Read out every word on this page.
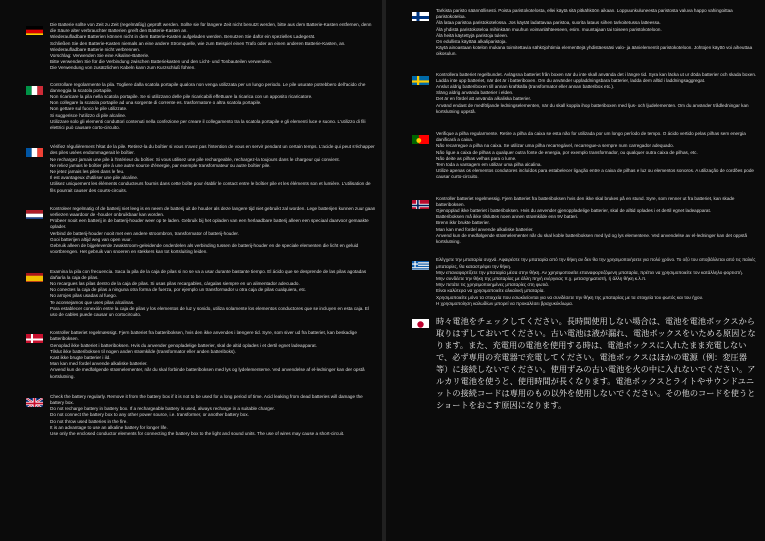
Die Batterie sollte von Zeit zu Zeit (regelmäßig) geprüft werden. Sollte sie für längere Zeit nicht benutzt werden, bitte aus dem Batterie-Kasten entfernen, denn die Säure alter verbrauchter Batterien greift den Batterie-Kasten an.
Wiederaufladbare Batterien können nicht in dem Batterie-Kasten aufgeladen werden. Benutzen Sie dafür ein spezielles Ladegerät.
Schließen Sie den Batterie-Kasten niemals an eine andere Stromquelle, wie zum Beispiel einen Trafo oder an einen anderen Batterie-Kasten, an.
Wiederaufladbare Batterie nicht verbrennen.
Vorschlag: Verwenden Sie eine Alkaline-Batterie.
Bitte verwenden Sie für die Verbindung zwischen Batteriekasten und den Licht- und Tonbauteilen verwenden.
Die Verwendung von zusätzlichen Kabeln kann zum Kurzschluß führen.
Controllare regolarmente la pila. Togliere dalla scatola portapile qualora non venga utilizzata per un lungo periodo. Le pile usurate potrebbero dell'acido che danneggia la scatola portapile.
Non ricaricare la pila nella scatola portapile. Se si utilizzano delle pile ricaricabili effettuare la ricarica con un apposito ricaricatore.
Non collegare la scatola portapile ad una sorgente di corrente es. trasformatore o altra scatola portapile.
Non gettare sul fuoco le pile utilizzate.
Si suggerisce l'utilizzo di pile alcaline.
Utilizzare solo gli elementi conduttori contenuti nella confezione per creare il collegamento tra la scatola portapile e gli elementi luce e suono. L'utilizzo di fili elettrici può causare corto-circuito.
Vérifiez régulièrement l'état de la pile. Retirez-la du boîtier si vous n'avez pas l'intention de vous en servir pendant un certain temps. L'acide qui peut s'échapper des piles usées endommagerait le boîtier.
Ne rechargez jamais une pile à l'intérieur du boîtier. Si vous utilisez une pile rechargeable, rechargez-la toujours dans le chargeur qui convient.
Ne reliez jamais le boîtier pile à une autre source d'énergie, par exemple transformateur ou autre boîtier pile.
Ne jetez jamais les piles dans le feu.
Il est avantageux d'utiliser une pile alcaline.
Utilisez uniquement les éléments conducteurs fournis dans cette boîte pour établir le contact entre le boîtier pile et les éléments son et lumière. L'utilisation de fils pourrait causer des courts-circuits.
Kontroleer regelmatig of de batterij niet leeg is en neem de batterij uit de houder als deze langere tijd niet gebruikt zal worden. Lege batterijen kunnen zuur gaan verliezen waardoor de -houder onbruikbaar kan worden.
Probeer nooit een batterij in de batterij-houder weer op te laden. Gebruik bij het opladen van een herlaadbare batterij alleen een speciaal daarvoor gemaakte oplader.
Verbind de batterij-houder nooit met een andere stroombron, transformator of batterij-houder.
Gooi batterijen altijd weg van open vuur.
Gebruik alleen de bijgeleverde zwakstroom-geleidende onderdelen als verbinding tussen de batterij-houder en de speciale elementen die licht en geluid voortbrengen. Het gebruik van snoeren en stekkers kan tot kortsluiting leiden.
Examina la pila con frecuencia. Saca la pila de la caja de pilas si no se va a usar durante bastante tiempo. El ácido que se desprende de las pilas agotadas dañaría la caja de pilas.
No recargues las pilas dentro de la caja de pilas. Si usas pilas recargables, cárgalas siempre en un alimentador adecuado.
No conectes la caja de pilas a ninguna otra forma de fuerza, por ejemplo un transformador u otra caja de pilas cualquiera, etc.
No arrojes pilas usadas al fuego.
Te aconsejamos que uses pilas alcalinas.
Para establecer conexión entre la caja de pilas y los elementos de luz y sonido, utiliza solamente los elementos conductores que se incluyen en esta caja. El uso de cables puede causar un cortocircuito.
Kontroller batteriet regelmæssigt. Fjern batteriet fra batteriboksen, hvis den ikke anvendes i længere tid. Syre, som siver ud fra batteriet, kan beskadige batteriboksen.
Genoplad ikke batteriet i batteriboksen. Hvis du anvender genopladelige batterier, skal de altid oplades i et dertil egnet ladeapparat.
Tilslut ikke batteriboksen til nogen anden strømkilde (transformator eller anden batteriboks).
Kast ikke brugte batterier i ild.
Man kan med fordel anvende alkaliske batterier.
Anvend kun de medfølgende strømelementer, når du skal forbinde batteriboksen med lys og lydelementerne. Ved anvendelse af el-ledninger kan der opstå kortslutning.
Check the battery regularly. Remove it from the battery box if it is not to be used for a long period of time. Acid leaking from dead batteries will damage the battery box.
Do not recharge battery in battery box. If a rechargeable battery is used, always recharge in a suitable charger.
Do not connect the battery box to any other power source, i.e. transformer, or another battery box.
Do not throw used batteries in the fire.
It is an advantage to use an alkaline battery for longer life.
Use only the enclosed conductor elements for connecting the battery box to the light and sound units. The use of wires may cause a short-circuit.
Tarkista paristo säännöllisesti. Poista paristokotelosta, ellei käytä sitä pitkähköön aikaan. Loppuunkuluneesta paristosta valuva happo vahingoittaa paristokoteloa.
Älä lataa paristoa paristokotelossa. Jos käytät ladattavaa paristoa, suorita lataus siihen tarkoitetussa latteessa.
Älä yhdistä paristokoteloa mihinkään muuhun voimanlähteeseen, esim. muuntajaan tai toiseen paristokoteloon.
Älä heitä käytettyjä paristoja tuleen.
On edullista käyttää alkaliparistoja.
Käytä ainoastaan kotelon mukana toimitettavia sähköjohtimia elementtejä yhdistäessäsi valo- ja äänielementit paristokoteloon. Johtojen käyttö voi aiheuttaa oikosulun.
Kontrollera batteriet regelbundet. Avlägsna batteriet från boxen när du inte skall använda det i längre tid. Syra kan läcka ut ur döda batterier och skada boxen.
Ladda inte upp batteriet, när det är i batteriboxen. Om du använder uppladdningsbara batterier, ladda dem alltid i laddningsaggregat.
Anslut aldrig batteriboxen till annan kraftkälla (transformator eller annan batteribox etc.).
Släng aldrig använda batterier i elden.
Det är en fördel att använda alkaliska batterier.
Använd endast de medföljande ledningselementen, när du skall koppla ihop batteriboxen med ljus- och ljudelementen. Om du använder trådledningar kan kortslutning uppstå.
Verifique a pilha regularmente. Retire a pilha da caixa se esta não for utilizada por um longo período de tempo. O ácido vertido pelas pilhas sem energia danificará a caixa.
Não recarregue a pilha na caixa. Se utilizar uma pilha recarregável, recarregue-a sempre num carregador adequado.
Não ligue a caixa de pilhas a qualquer outra fonte de energia, por exemplo transformador, ou qualquer outra caixa de pilhas, etc.
Não deite as pilhas velhas para o lume.
Tem toda a vantagem em utilizar uma pilha alcalina.
Utilize apenas os elementos condutores incluídos para estabelecer ligação entre a caixa de pilhas e luz ou elementos sonoros. A utilização de cordões pode causar curto-circuito.
Kontroller batteriet regelmessig. Fjern batteriet fra batteriboksen hvis den ikke skal brukes på en stund. Syre, som renner ut fra batteriet, kan skade batteriboksen.
Gjenopplad ikke batteriet i batteriboksen. Hvis du anvender gjenoppladelige batterier, skal de alltid oplades i et dertil egnet ladeapparat.
Batteriboksen må ikke tilsluttes noen annen strømkilde enn 9V batteri.
Brenn ikkr brukte batterier.
Man kan med fordel anvende alkaliske batterier.
Anvend kun de medfølgende strømelementer når du skal koble batteriboksen med lyd og lys elementene. Ved anvendelse av el-ledninger kan det oppstå kortslutning.
Ελέγχετε την μπαταρία συχνά. Αφαιρέστε την μπαταρία από την θήκη αν δεν θα την χρησιμοποιήσετε για πολύ χρόνο. Το οξύ του αποβάλλεται από τις παλιές μπαταρίες, θα καταστρέψει την θήκη.
Μην επαναφορτίζετε την μπαταρία μέσα στην θήκη. Αν χρησιμοποιείτε επαναφορτιζόμενη μπαταρία, πρέπει να χρησιμοποιείτε τον κατάλληλο φορτιστή.
Μην συνδέετε την θήκη της μπαταρίας με άλλη πηγή ενέργειας π.χ. μετασχηματιστή, ή άλλη θήκη κ.λ.π.
Μην πετάτε τις χρησιμοποιημένες μπαταρίες στη φωτιά.
Είναι καλύτερα να χρησιμοποιείτε αλκαλική μπαταρία.
Χρησιμοποιείτε μόνο τα στοιχεία που εσωκλείονται για να συνδέσετε την θήκη της μπαταρίας με τα στοιχεία του φωτός και του ήχου.
Η χρησιμοποίηση καλωδίων μπορεί να προκαλέσει βραχυκύκλωμα.
時々電池をチェックしてください。長時間使用しない場合は、電池を電池ボックスから取りはずしておいてください。古い電池は液が漏れ、電池ボックスをいためる原因となります。また、充電用の電池を使用する時は、電池ボックスに入れたまま充電しないで、必ず専用の充電器で充電してください。電池ボックスはほかの電源（例：変圧器等）に接続しないでください。使用ずみの古い電池を火の中に入れないでください。アルカリ電池を使うと、使用時間が長くなります。電池ボックスとライトやサウンドユニットの接続コードは専用のもの以外を使用しないでください。その他のコードを使うとショートをおこす原因になります。
